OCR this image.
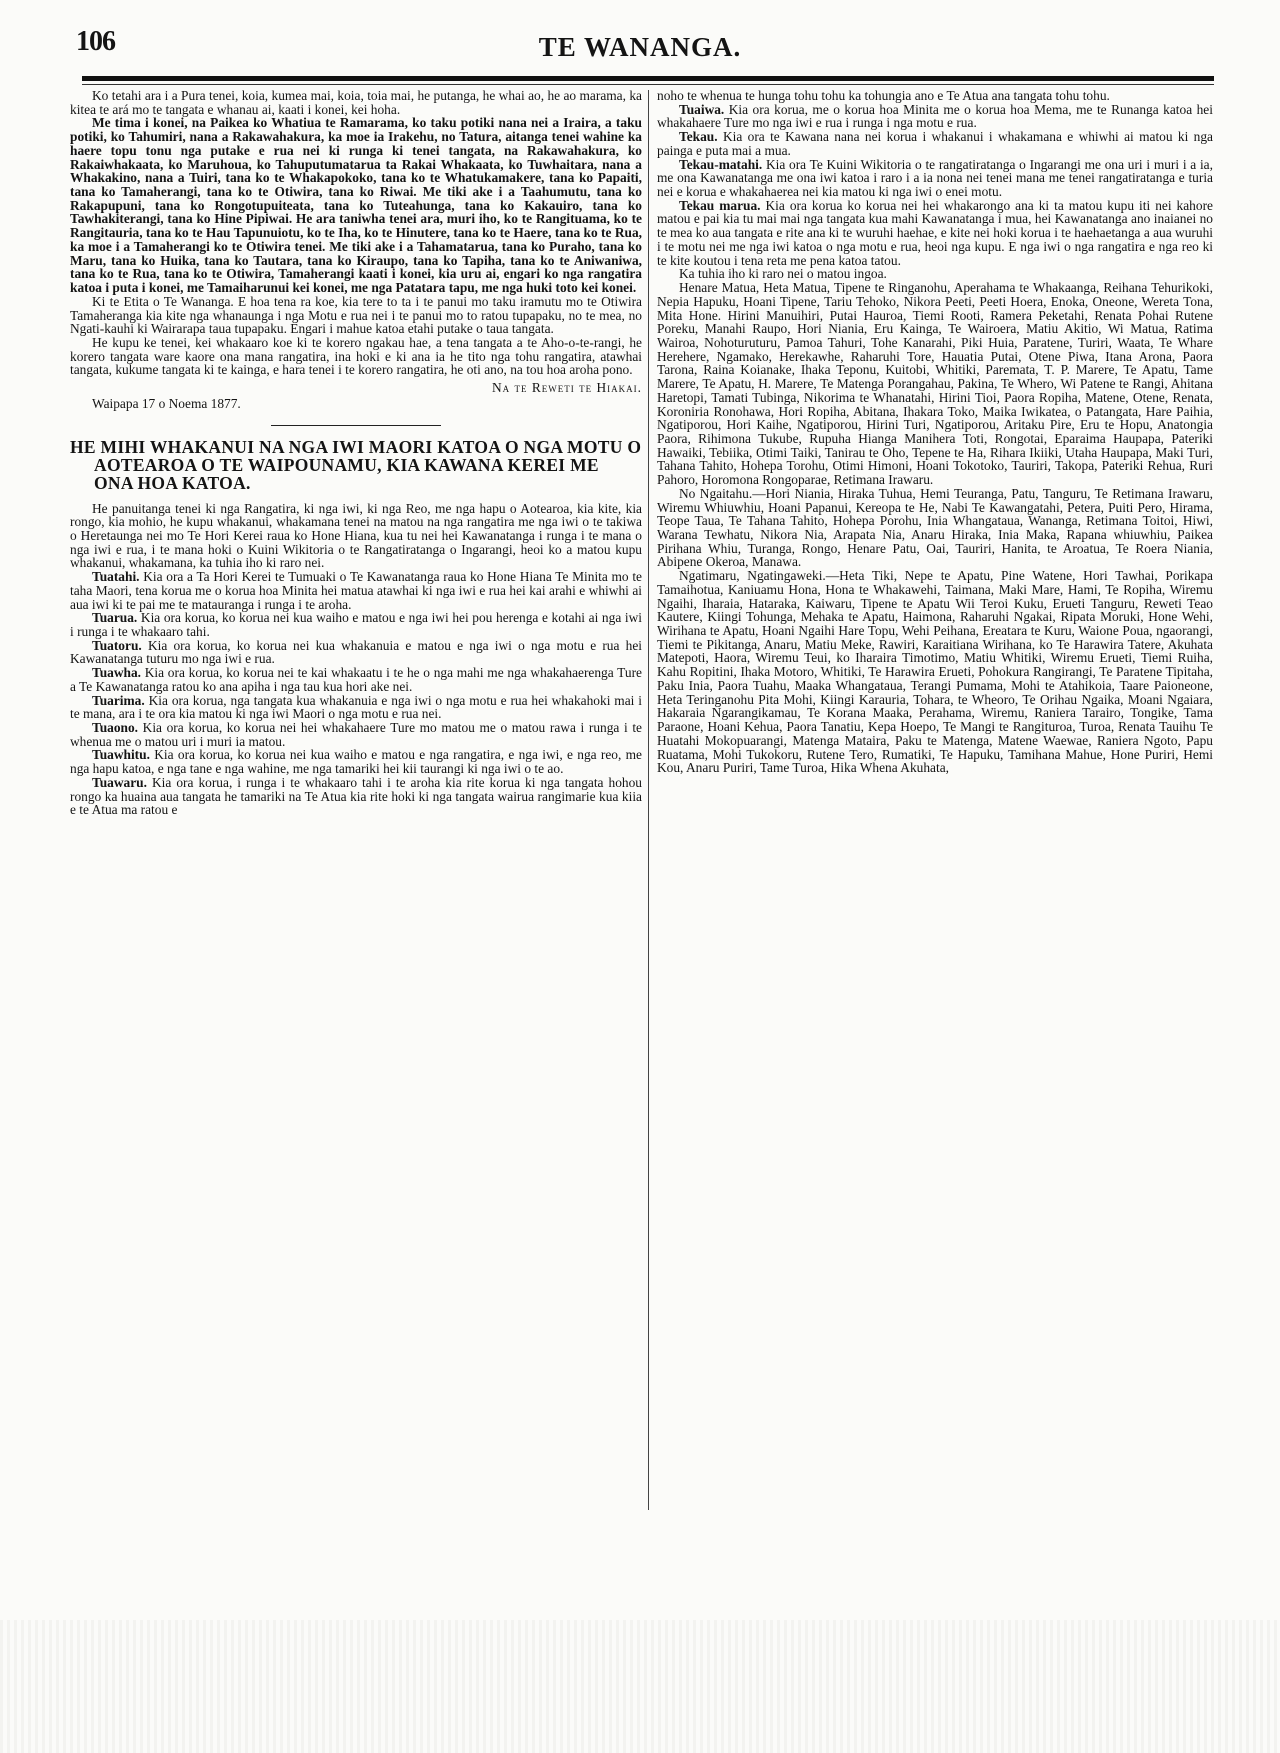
106	TE WANANGA.

Ko tetahi ara i a Pura tenei, koia, kumea mai, koia, toia mai, he putanga, he whai ao, he ao marama, ka kitea te ará mo te tangata e whanau ai, kaati i konei, kei hoha.

Me tima i konei, na Paikea ko Whatiua te Ramarama, ko taku potiki nana nei a Iraira, a taku potiki, ko Tahumiri, nana a Rakawahakura, ka moe ia Irakehu, no Tatura, aitanga tenei wahine ka haere topu tonu nga putake e rua nei ki runga ki tenei tangata, na Rakawahakura, ko Rakaiwhakaata, ko Maruhoua, ko Tahuputumatarua ta Rakai Whakaata, ko Tuwhaitara, nana a Whakakino, nana a Tuiri, tana ko te Whakapokoko, tana ko te Whatukamakere, tana ko Papaiti, tana ko Tamaherangi, tana ko te Otiwira, tana ko Riwai. Me tiki ake i a Taahumutu, tana ko Rakapupuni, tana ko Rongotupuiteata, tana ko Tuteahunga, tana ko Kakauiro, tana ko Tawhakiterangi, tana ko Hine Pipiwai. He ara taniwha tenei ara, muri iho, ko te Rangituama, ko te Rangitauria, tana ko te Hau Tapunuiotu, ko te Iha, ko te Hinutere, tana ko te Haere, tana ko te Rua, ka moe i a Tamaherangi ko te Otiwira tenei. Me tiki ake i a Tahamatarua, tana ko Puraho, tana ko Maru, tana ko Huika, tana ko Tautara, tana ko Kiraupo, tana ko Tapiha, tana ko te Aniwaniwa, tana ko te Rua, tana ko te Otiwira, Tamaherangi kaati i konei, kia uru ai, engari ko nga rangatira katoa i puta i konei, me Tamaiharunui kei konei, me nga Patatara tapu, me nga huki toto kei konei.

Ki te Etita o Te Wananga. E hoa tena ra koe, kia tere to ta i te panui mo taku iramutu mo te Otiwira Tamaheranga kia kite nga whanaunga i nga Motu e rua nei i te panui mo to ratou tupapaku, no te mea, no Ngati-kauhi ki Wairarapa taua tupapaku. Engari i mahue katoa etahi putake o taua tangata.

He kupu ke tenei, kei whakaaro koe ki te korero ngakau hae, a tena tangata a te Aho-o-te-rangi, he korero tangata ware kaore ona mana rangatira, ina hoki e ki ana ia he tito nga tohu rangatira, atawhai tangata, kukume tangata ki te kainga, e hara tenei i te korero rangatira, he oti ano, na tou hoa aroha pono.

Na te Reweti te Hiakai.
Waipapa 17 o Noema 1877.
HE MIHI WHAKANUI NA NGA IWI MAORI KATOA O NGA MOTU O AOTEAROA O TE WAIPOUNAMU, KIA KAWANA KEREI ME ONA HOA KATOA.

He panuitanga tenei ki nga Rangatira, ki nga iwi, ki nga Reo, me nga hapu o Aotearoa, kia kite, kia rongo, kia mohio, he kupu whakanui, whakamana tenei na matou na nga rangatira me nga iwi o te takiwa o Heretaunga nei mo Te Hori Kerei raua ko Hone Hiana, kua tu nei hei Kawanatanga i runga i te mana o nga iwi e rua, i te mana hoki o Kuini Wikitoria o te Rangatiratanga o Ingarangi, heoi ko a matou kupu whakanui, whakamana, ka tuhia iho ki raro nei.

Tuatahi. Kia ora a Ta Hori Kerei te Tumuaki o Te Kawanatanga raua ko Hone Hiana Te Minita mo te taha Maori, tena korua me o korua hoa Minita hei matua atawhai ki nga iwi e rua hei kai arahi e whiwhi ai aua iwi ki te pai me te matauranga i runga i te aroha.

Tuarua. Kia ora korua, ko korua nei kua waiho e matou e nga iwi hei pou herenga e kotahi ai nga iwi i runga i te whakaaro tahi.

Tuatoru. Kia ora korua, ko korua nei kua whakanuia e matou e nga iwi o nga motu e rua hei Kawanatanga tuturu mo nga iwi e rua.

Tuawha. Kia ora korua, ko korua nei te kai whakaatu i te he o nga mahi me nga whakahaerenga Ture a Te Kawanatanga ratou ko ana apiha i nga tau kua hori ake nei.

Tuarima. Kia ora korua, nga tangata kua whakanuia e nga iwi o nga motu e rua hei whakahoki mai i te mana, ara i te ora kia matou ki nga iwi Maori o nga motu e rua nei.

Tuaono. Kia ora korua, ko korua nei hei whakahaere Ture mo matou me o matou rawa i runga i te whenua me o matou uri i muri ia matou.

Tuawhitu. Kia ora korua, ko korua nei kua waiho e matou e nga rangatira, e nga iwi, e nga reo, me nga hapu katoa, e nga tane e nga wahine, me nga tamariki hei kii taurangi ki nga iwi o te ao.

Tuawaru. Kia ora korua, i runga i te whakaaro tahi i te aroha kia rite korua ki nga tangata hohou rongo ka huaina aua tangata he tamariki na Te Atua kia rite hoki ki nga tangata wairua rangimarie kua kiia e te Atua ma ratou e

noho te whenua te hunga tohu tohu ka tohungia ano e Te Atua ana tangata tohu tohu.

Tuaiwa. Kia ora korua, me o korua hoa Minita me o korua hoa Mema, me te Runanga katoa hei whakahaere Ture mo nga iwi e rua i runga i nga motu e rua.

Tekau. Kia ora te Kawana nana nei korua i whakanui i whakamana e whiwhi ai matou ki nga painga e puta mai a mua.

Tekau-matahi. Kia ora Te Kuini Wikitoria o te rangatiratanga o Ingarangi me ona uri i muri i a ia, me ona Kawanatanga me ona iwi katoa i raro i a ia nona nei tenei mana me tenei rangatiratanga e turia nei e korua e whakahaerea nei kia matou ki nga iwi o enei motu.

Tekau marua. Kia ora korua ko korua nei hei whakarongo ana ki ta matou kupu iti nei kahore matou e pai kia tu mai mai nga tangata kua mahi Kawanatanga i mua, hei Kawanatanga ano inaianei no te mea ko aua tangata e rite ana ki te wuruhi haehae, e kite nei hoki korua i te haehaetanga a aua wuruhi i te motu nei me nga iwi katoa o nga motu e rua, heoi nga kupu. E nga iwi o nga rangatira e nga reo ki te kite koutou i tena reta me pena katoa tatou.

Ka tuhia iho ki raro nei o matou ingoa.

Henare Matua, Heta Matua, Tipene te Ringanohu, Aperahama te Whakaanga, Reihana Tehurikoki, Nepia Hapuku, Hoani Tipene, Tariu Tehoko, Nikora Peeti, Peeti Hoera, Enoka, Oneone, Wereta Tona, Mita Hone. Hirini Manuihiri, Putai Hauroa, Tiemi Rooti, Ramera Peketahi, Renata Pohai Rutene Poreku, Manahi Raupo, Hori Niania, Eru Kainga, Te Wairoera, Matiu Akitio, Wi Matua, Ratima Wairoa, Nohoturuturu, Pamoa Tahuri, Tohe Kanarahi, Piki Huia, Paratene, Turiri, Waata, Te Whare Herehere, Ngamako, Herekawhe, Raharuhi Tore, Hauatia Putai, Otene Piwa, Itana Arona, Paora Tarona, Raina Koianake, Ihaka Teponu, Kuitobi, Whitiki, Paremata, T. P. Marere, Te Apatu, Tame Marere, Te Apatu, H. Marere, Te Matenga Porangahau, Pakina, Te Whero, Wi Patene te Rangi, Ahitana Haretopi, Tamati Tubinga, Nikorima te Whanatahi, Hirini Tioi, Paora Ropiha, Matene, Otene, Renata, Koroniria Ronohawa, Hori Ropiha, Abitana, Ihakara Toko, Maika Iwikatea, o Patangata, Hare Paihia, Ngatiporou, Hori Kaihe, Ngatiporou, Hirini Turi, Ngatiporou, Aritaku Pire, Eru te Hopu, Anatongia Paora, Rihimona Tukube, Rupuha Hianga Manihera Toti, Rongotai, Eparaima Haupapa, Pateriki Hawaiki, Tebiika, Otimi Taiki, Tanirau te Oho, Tepene te Ha, Rihara Ikiiki, Utaha Haupapa, Maki Turi, Tahana Tahito, Hohepa Torohu, Otimi Himoni, Hoani Tokotoko, Tauriri, Takopa, Pateriki Rehua, Ruri Pahoro, Horomona Rongoparae, Retimana Irawaru.

No Ngaitahu.—Hori Niania, Hiraka Tuhua, Hemi Teuranga, Patu, Tanguru, Te Retimana Irawaru, Wiremu Whiuwhiu, Hoani Papanui, Kereopa te He, Nabi Te Kawangatahi, Petera, Puiti Pero, Hirama, Teope Taua, Te Tahana Tahito, Hohepa Porohu, Inia Whangataua, Wananga, Retimana Toitoi, Hiwi, Warana Tewhatu, Nikora Nia, Arapata Nia, Anaru Hiraka, Inia Maka, Rapana whiuwhiu, Paikea Pirihana Whiu, Turanga, Rongo, Henare Patu, Oai, Tauriri, Hanita, te Aroatua, Te Roera Niania, Abipene Okeroa, Manawa.

Ngatimaru, Ngatingaweki.—Heta Tiki, Nepe te Apatu, Pine Watene, Hori Tawhai, Porikapa Tamaihotua, Kaniuamu Hona, Hona te Whakawehi, Taimana, Maki Mare, Hami, Te Ropiha, Wiremu Ngaihi, Iharaia, Hataraka, Kaiwaru, Tipene te Apatu Wii Teroi Kuku, Erueti Tanguru, Reweti Teao Kautere, Kiingi Tohunga, Mehaka te Apatu, Haimona, Raharuhi Ngakai, Ripata Moruki, Hone Wehi, Wirihana te Apatu, Hoani Ngaihi Hare Topu, Wehi Peihana, Ereatara te Kuru, Waione Poua, ngaorangi, Tiemi te Pikitanga, Anaru, Matiu Meke, Rawiri, Karaitiana Wirihana, ko Te Harawira Tatere, Akuhata Matepoti, Haora, Wiremu Teui, ko Iharaira Timotimo, Matiu Whitiki, Wiremu Erueti, Tiemi Ruiha, Kahu Ropitini, Ihaka Motoro, Whitiki, Te Harawira Erueti, Pohokura Rangirangi, Te Paratene Tipitaha, Paku Inia, Paora Tuahu, Maaka Whangataua, Terangi Pumama, Mohi te Atahikoia, Taare Paioneone, Heta Teringanohu Pita Mohi, Kiingi Karauria, Tohara, te Wheoro, Te Orihau Ngaika, Moani Ngaiara, Hakaraia Ngarangikamau, Te Korana Maaka, Perahama, Wiremu, Raniera Tarairo, Tongike, Tama Paraone, Hoani Kehua, Paora Tanatiu, Kepa Hoepo, Te Mangi te Rangituroa, Turoa, Renata Tauihu Te Huatahi Mokopuarangi, Matenga Mataira, Paku te Matenga, Matene Waewae, Raniera Ngoto, Papu Ruatama, Mohi Tukokoru, Rutene Tero, Rumatiki, Te Hapuku, Tamihana Mahue, Hone Puriri, Hemi Kou, Anaru Puriri, Tame Turoa, Hika Whena Akuhata,
